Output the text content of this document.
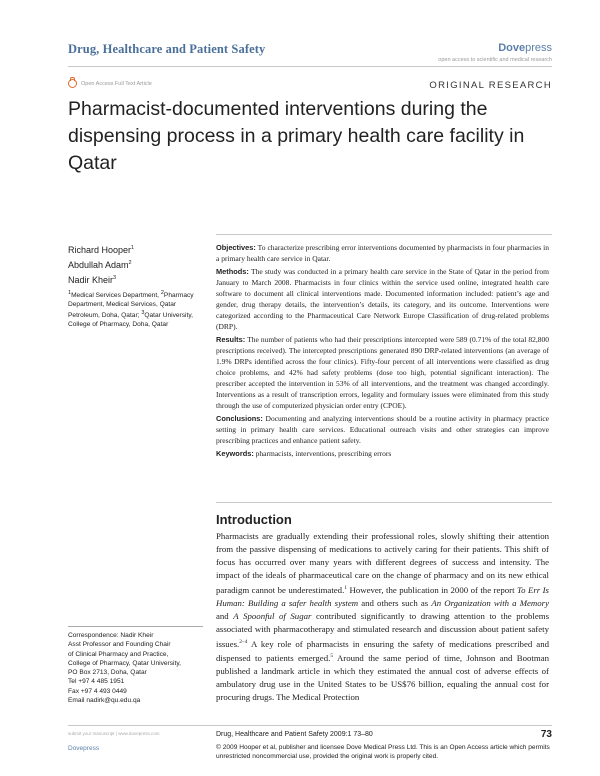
Drug, Healthcare and Patient Safety	Dovepress
open access to scientific and medical research
Open Access Full Text Article	ORIGINAL RESEARCH
Pharmacist-documented interventions during the dispensing process in a primary health care facility in Qatar
Richard Hooper$^1$
Abdullah Adam$^2$
Nadir Kheir$^3$
$^1$Medical Services Department, $^2$Pharmacy Department, Medical Services, Qatar Petroleum, Doha, Qatar; $^3$Qatar University, College of Pharmacy, Doha, Qatar
Correspondence: Nadir Kheir
Asst Professor and Founding Chair
of Clinical Pharmacy and Practice,
College of Pharmacy, Qatar University,
PO Box 2713, Doha, Qatar
Tel +97 4 485 1951
Fax +97 4 493 0449
Email nadirk@qu.edu.qa

Objectives: To characterize prescribing error interventions documented by pharmacists in four pharmacies in a primary health care service in Qatar.

Methods: The study was conducted in a primary health care service in the State of Qatar in the period from January to March 2008. Pharmacists in four clinics within the service used online, integrated health care software to document all clinical interventions made. Documented information included: patient’s age and gender, drug therapy details, the intervention’s details, its category, and its outcome. Interventions were categorized according to the Pharmaceutical Care Network Europe Classification of drug-related problems (DRP).

Results: The number of patients who had their prescriptions intercepted were 589 (0.71% of the total 82,800 prescriptions received). The intercepted prescriptions generated 890 DRP-related interventions (an average of 1.9% DRPs identified across the four clinics). Fifty-four percent of all interventions were classified as drug choice problems, and 42% had safety problems (dose too high, potential significant interaction). The prescriber accepted the intervention in 53% of all interventions, and the treatment was changed accordingly. Interventions as a result of transcription errors, legality and formulary issues were eliminated from this study through the use of computerized physician order entry (CPOE).

Conclusions: Documenting and analyzing interventions should be a routine activity in pharmacy practice setting in primary health care services. Educational outreach visits and other strategies can improve prescribing practices and enhance patient safety.

Keywords: pharmacists, interventions, prescribing errors

Introduction
Pharmacists are gradually extending their professional roles, slowly shifting their attention from the passive dispensing of medications to actively caring for their patients. This shift of focus has occurred over many years with different degrees of success and intensity. The impact of the ideals of pharmaceutical care on the change of pharmacy and on its new ethical paradigm cannot be underestimated.$^1$ However, the publication in 2000 of the report To Err Is Human: Building a safer health system and others such as An Organization with a Memory and A Spoonful of Sugar contributed significantly to drawing attention to the problems associated with pharmacotherapy and stimulated research and discussion about patient safety issues.$^{2-4}$ A key role of pharmacists in ensuring the safety of medications prescribed and dispensed to patients emerged.$^5$ Around the same period of time, Johnson and Bootman published a landmark article in which they estimated the annual cost of adverse effects of ambulatory drug use in the United States to be US$76 billion, equaling the annual cost for procuring drugs. The Medical Protection
submit your manuscript | www.dovepress.com
Dovepress
Drug, Healthcare and Patient Safety 2009:1 73–80	73
© 2009 Hooper et al, publisher and licensee Dove Medical Press Ltd. This is an Open Access article which permits unrestricted noncommercial use, provided the original work is properly cited.
